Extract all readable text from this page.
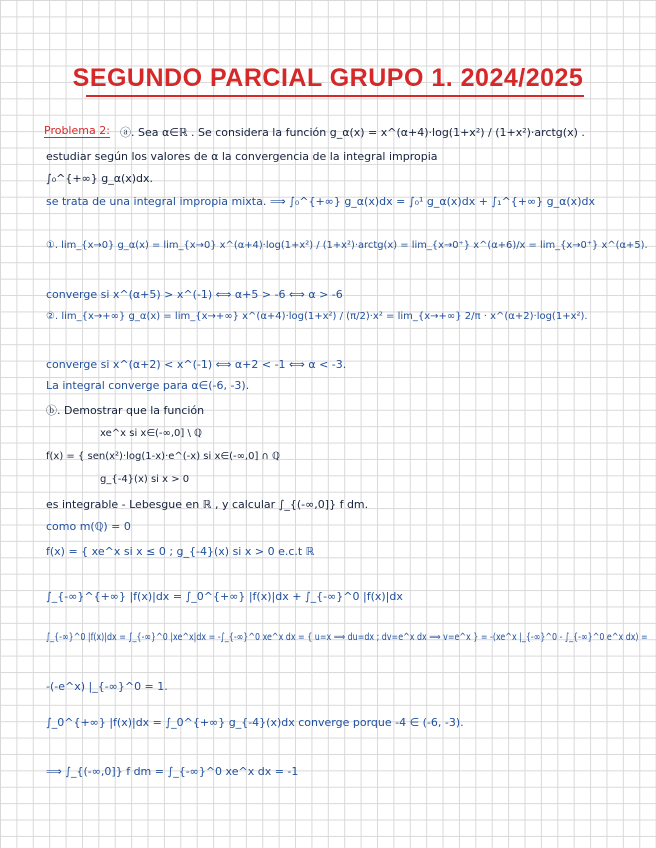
SEGUNDO PARCIAL GRUPO 1. 2024/2025
Problema 2: ⓐ. Sea α∈ℝ . Se considera la función g_α(x) = x^(α+4)·log(1+x²) / (1+x²)·arctg(x) .
estudiar según los valores de α la convergencia de la integral impropia
∫₀^{+∞} g_α(x)dx.
se trata de una integral impropia mixta. ⟹ ∫₀^{+∞} g_α(x)dx = ∫₀¹ g_α(x)dx + ∫₁^{+∞} g_α(x)dx
①. lim_{x→0} g_α(x) = lim_{x→0} x^(α+4)·log(1+x²) / (1+x²)·arctg(x) = lim_{x→0⁺} x^(α+6)/x = lim_{x→0⁺} x^(α+5).
converge si x^(α+5) > x^(-1) ⟺ α+5 > -6 ⟺ α > -6
②. lim_{x→+∞} g_α(x) = lim_{x→+∞} x^(α+4)·log(1+x²) / (π/2)·x² = lim_{x→+∞} 2/π · x^(α+2)·log(1+x²).
converge si x^(α+2) < x^(-1) ⟺ α+2 < -1 ⟺ α < -3.
La integral converge para α∈(-6, -3).
ⓑ. Demostrar que la función
xe^x si x∈(-∞,0] \ ℚ
f(x) = { sen(x²)·log(1-x)·e^(-x) si x∈(-∞,0] ∩ ℚ
g_{-4}(x) si x > 0
es integrable - Lebesgue en ℝ , y calcular ∫_{(-∞,0]} f dm.
como m(ℚ) = 0
f(x) = { xe^x si x ≤ 0 ; g_{-4}(x) si x > 0 e.c.t ℝ
∫_{-∞}^{+∞} |f(x)|dx = ∫_0^{+∞} |f(x)|dx + ∫_{-∞}^0 |f(x)|dx
∫_{-∞}^0 |f(x)|dx = ∫_{-∞}^0 |xe^x|dx = -∫_{-∞}^0 xe^x dx = { u=x ⟹ du=dx ; dv=e^x dx ⟹ v=e^x } = -(xe^x |_{-∞}^0 - ∫_{-∞}^0 e^x dx) =
-(-e^x) |_{-∞}^0 = 1.
∫_0^{+∞} |f(x)|dx = ∫_0^{+∞} g_{-4}(x)dx converge porque -4 ∈ (-6, -3).
⟹ ∫_{(-∞,0]} f dm = ∫_{-∞}^0 xe^x dx = -1
